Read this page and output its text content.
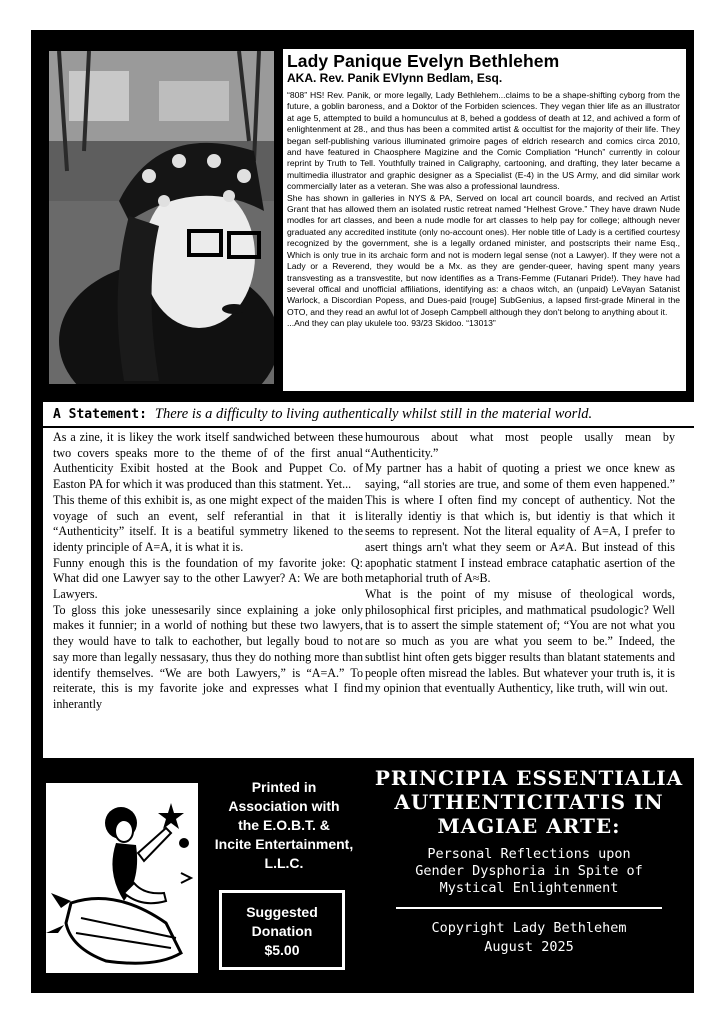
Lady Panique Evelyn Bethlehem
AKA. Rev. Panik EVlynn Bedlam, Esq.

“808” HS! Rev. Panik, or more legally, Lady Bethlehem...claims to be a shape-shifting cyborg from the future, a goblin baroness, and a Doktor of the Forbiden sciences. They vegan thier life as an illustrator at age 5, attempted to build a homunculus at 8, behed a goddess of death at 12, and achived a form of enlightenment at 28., and thus has been a commited artist & occultist for the majority of their life. They began self-publishing various illuminated grimoire pages of eldrich research and comics circa 2010, and have featured in Chaosphere Magizine and the Comic Compliation “Hunch” currently in colour reprint by Truth to Tell. Youthfully trained in Caligraphy, cartooning, and drafting, they later became a multimedia illustrator and graphic designer as a Specialist (E-4) in the US Army, and did similar work commercially later as a veteran. She was also a professional laundress.

She has shown in galleries in NYS & PA, Served on local art council boards, and recived an Artist Grant that has allowed them an isolated rustic retreat named “Helhest Grove.” They have drawn Nude modles for art classes, and been a nude modle for art classes to help pay for college; although never graduated any accredited institute (only no-account ones). Her noble title of Lady is a certified courtesy recognized by the government, she is a legally ordaned minister, and postscripts their name Esq., Which is only true in its archaic form and not is modern legal sense (not a Lawyer). If they were not a Lady or a Reverend, they would be a Mx. as they are gender-queer, having spent many years transvesting as a transvestite, but now identifies as a Trans-Femme (Futanari Pride!). They have had several offical and unofficial affiliations, identifying as: a chaos witch, an (unpaid) LeVayan Satanist Warlock, a Discordian Popess, and Dues-paid [rouge] SubGenius, a lapsed first-grade Mineral in the OTO, and they read an awful lot of Joseph Campbell although they don't belong to anything about it.

...And they can play ukulele too. 93/23 Skidoo. “13013”

A Statement: There is a difficulty to living authentically whilst still in the material world.

As a zine, it is likey the work itself sandwiched between these two covers speaks more to the theme of of the first anual Authenticity Exibit hosted at the Book and Puppet Co. of Easton PA for which it was produced than this statment. Yet...

This theme of this exhibit is, as one might expect of the maiden voyage of such an event, self referantial in that it is “Authenticity” itself. It is a beatiful symmetry likened to the identy principle of A=A, it is what it is.

Funny enough this is the foundation of my favorite joke: Q: What did one Lawyer say to the other Lawyer? A: We are both Lawyers.

To gloss this joke unessesarily since explaining a joke only makes it funnier; in a world of nothing but these two lawyers, they would have to talk to eachother, but legally boud to not say more than legally nessasary, thus they do nothing more than identify themselves. “We are both Lawyers,” is “A=A.” To reiterate, this is my favorite joke and expresses what I find inherantly

humourous about what most people usally mean by “Authenticity.”

My partner has a habit of quoting a priest we once knew as saying, “all stories are true, and some of them even happened.” This is where I often find my concept of authenticy. Not the literally identiy is that which is, but identiy is that which it seems to represent. Not the literal equality of A=A, I prefer to asert things arn't what they seem or A≠A. But instead of this apophatic statment I instead embrace cataphatic asertion of the metaphorial truth of A≈B.

What is the point of my misuse of theological words, philosophical first priciples, and mathmatical psudologic? Well that is to assert the simple statement of; “You are not what you are so much as you are what you seem to be.” Indeed, the subtlist hint often gets bigger results than blatant statements and people often misread the lables. But whatever your truth is, it is my opinion that eventually Authenticy, like truth, will win out.

Printed in
Association with
the E.O.B.T. &
Incite Entertainment,
L.L.C.
Suggested
Donation
$5.00
PRINCIPIA ESSENTIALIA
AUTHENTICITATIS IN
MAGIAE ARTE:
Personal Reflections upon
Gender Dysphoria in Spite of
Mystical Enlightenment
Copyright Lady Bethlehem
August 2025
